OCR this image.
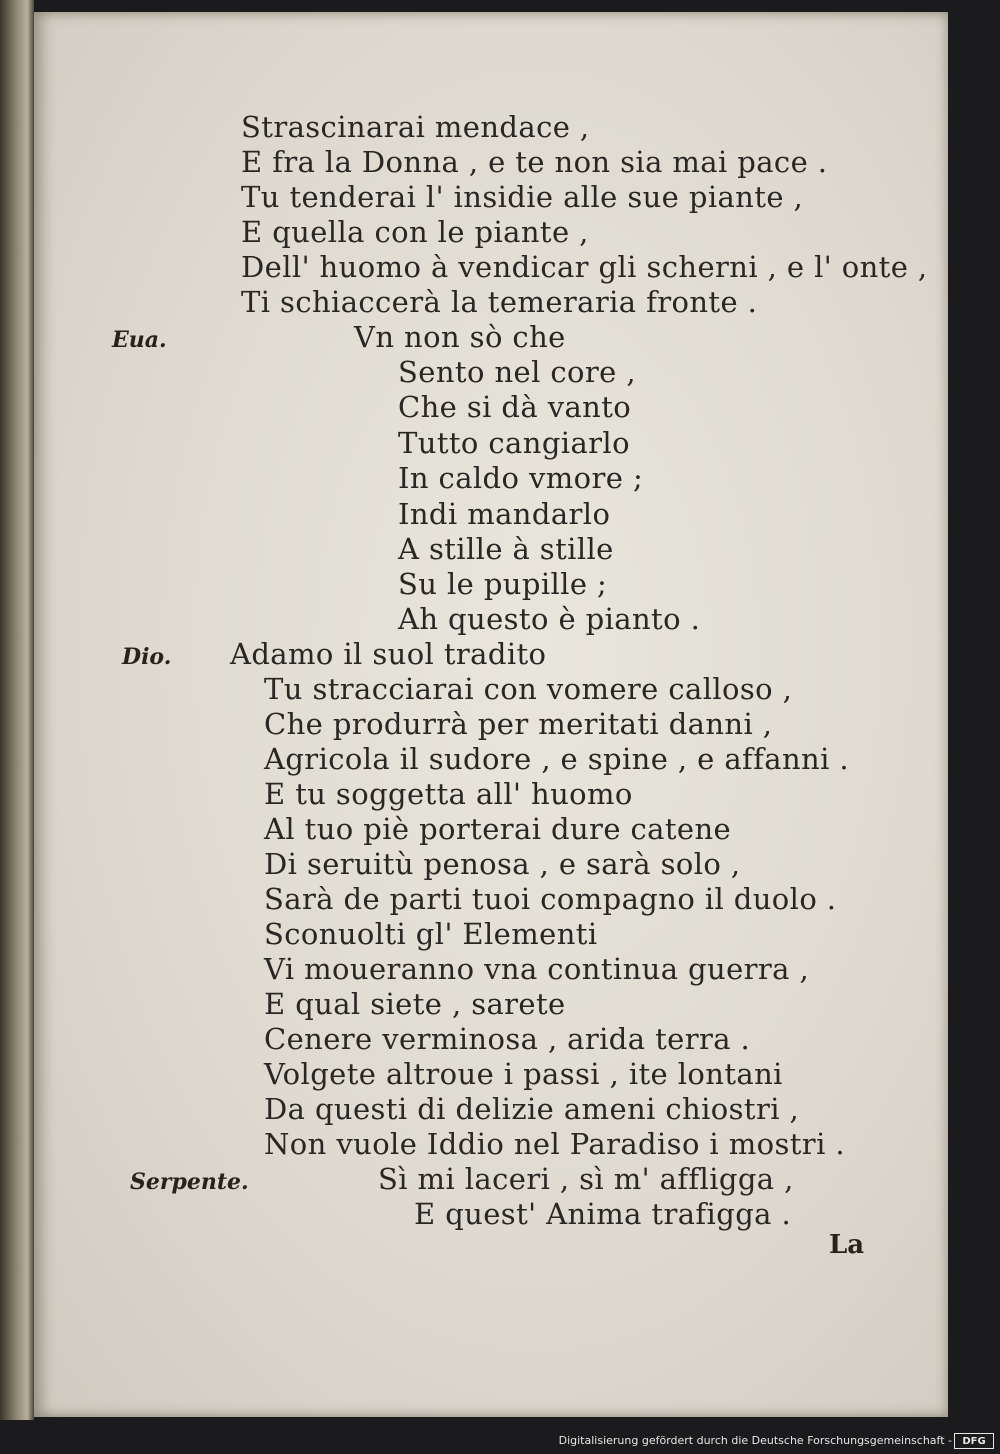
Strascinarai mendace ,
E fra la Donna , e te non sia mai pace .
Tu tenderai l' insidie alle sue piante ,
E quella con le piante ,
Dell' huomo à vendicar gli scherni , e l' onte ,
Ti schiaccerà la temeraria fronte .
Eua.	Vn non sò che
Sento nel core ,
Che si dà vanto
Tutto cangiarlo
In caldo vmore ;
Indi mandarlo
A stille à stille
Su le pupille ;
Ah questo è pianto .
Dio. Adamo il suol tradito
Tu stracciarai con vomere calloso ,
Che produrrà per meritati danni ,
Agricola il sudore , e spine , e affanni .
E tu soggetta all' huomo
Al tuo piè porterai dure catene
Di seruitù penosa , e sarà solo ,
Sarà de parti tuoi compagno il duolo .
Sconuolti gl' Elementi
Vi moueranno vna continua guerra ,
E qual siete , sarete
Cenere verminosa , arida terra .
Volgete altroue i passi , ite lontani
Da questi di delizie ameni chiostri ,
Non vuole Iddio nel Paradiso i mostri .
Serpente.	Sì mi laceri , sì m' affligga ,
E quest' Anima trafigga .
La
Digitalisierung gefördert durch die Deutsche Forschungsgemeinschaft -	DFG
